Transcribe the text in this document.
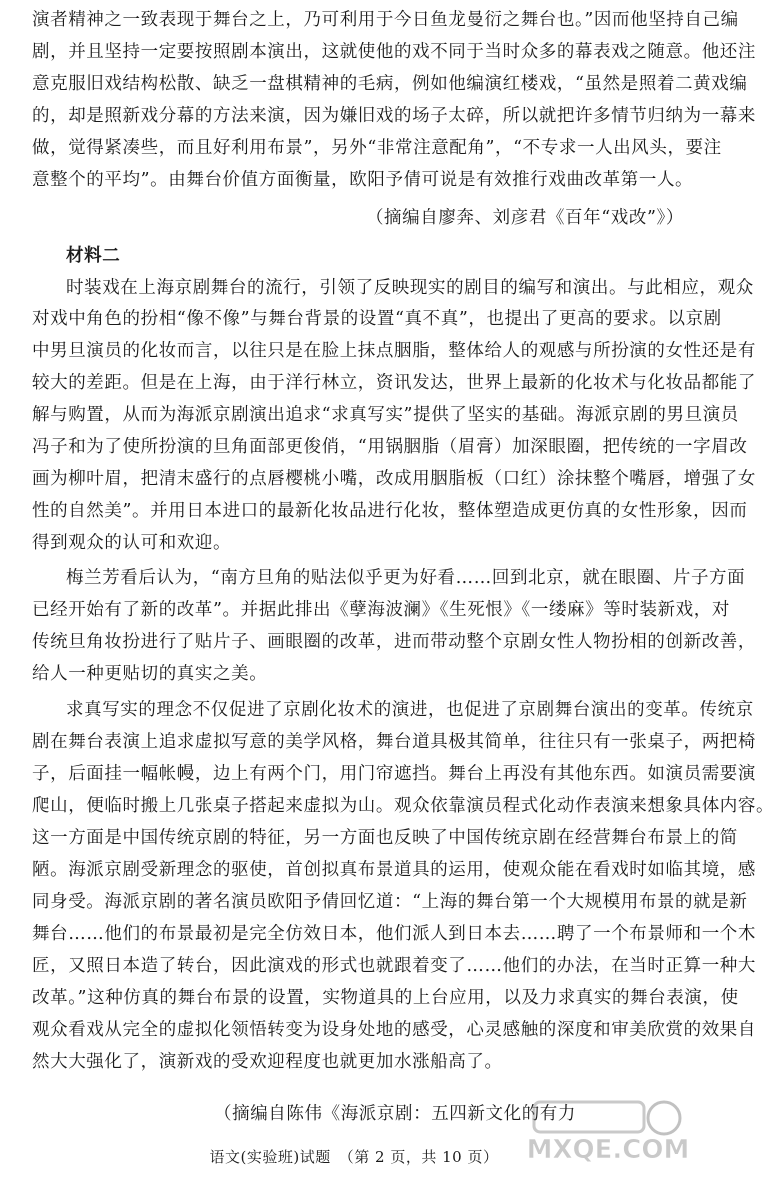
演者精神之一致表现于舞台之上，乃可利用于今日鱼龙曼衍之舞台也。”因而他坚持自己编
剧，并且坚持一定要按照剧本演出，这就使他的戏不同于当时众多的幕表戏之随意。他还注
意克服旧戏结构松散、缺乏一盘棋精神的毛病，例如他编演红楼戏，“虽然是照着二黄戏编
的，却是照新戏分幕的方法来演，因为嫌旧戏的场子太碎，所以就把许多情节归纳为一幕来
做，觉得紧凑些，而且好利用布景”，另外“非常注意配角”，“不专求一人出风头，要注
意整个的平均”。由舞台价值方面衡量，欧阳予倩可说是有效推行戏曲改革第一人。
（摘编自廖奔、刘彦君《百年“戏改”》）
材料二
时装戏在上海京剧舞台的流行，引领了反映现实的剧目的编写和演出。与此相应，观众
对戏中角色的扮相“像不像”与舞台背景的设置“真不真”，也提出了更高的要求。以京剧
中男旦演员的化妆而言，以往只是在脸上抹点胭脂，整体给人的观感与所扮演的女性还是有
较大的差距。但是在上海，由于洋行林立，资讯发达，世界上最新的化妆术与化妆品都能了
解与购置，从而为海派京剧演出追求“求真写实”提供了坚实的基础。海派京剧的男旦演员
冯子和为了使所扮演的旦角面部更俊俏，“用锅胭脂（眉膏）加深眼圈，把传统的一字眉改
画为柳叶眉，把清末盛行的点唇樱桃小嘴，改成用胭脂板（口红）涂抹整个嘴唇，增强了女
性的自然美”。并用日本进口的最新化妆品进行化妆，整体塑造成更仿真的女性形象，因而
得到观众的认可和欢迎。
梅兰芳看后认为，“南方旦角的贴法似乎更为好看……回到北京，就在眼圈、片子方面
已经开始有了新的改革”。并据此排出《孽海波澜》《生死恨》《一缕麻》等时装新戏，对
传统旦角妆扮进行了贴片子、画眼圈的改革，进而带动整个京剧女性人物扮相的创新改善，
给人一种更贴切的真实之美。
求真写实的理念不仅促进了京剧化妆术的演进，也促进了京剧舞台演出的变革。传统京
剧在舞台表演上追求虚拟写意的美学风格，舞台道具极其简单，往往只有一张桌子，两把椅
子，后面挂一幅帐幔，边上有两个门，用门帘遮挡。舞台上再没有其他东西。如演员需要演
爬山，便临时搬上几张桌子搭起来虚拟为山。观众依靠演员程式化动作表演来想象具体内容。
这一方面是中国传统京剧的特征，另一方面也反映了中国传统京剧在经营舞台布景上的简
陋。海派京剧受新理念的驱使，首创拟真布景道具的运用，使观众能在看戏时如临其境，感
同身受。海派京剧的著名演员欧阳予倩回忆道：“上海的舞台第一个大规模用布景的就是新
舞台……他们的布景最初是完全仿效日本，他们派人到日本去……聘了一个布景师和一个木
匠，又照日本造了转台，因此演戏的形式也就跟着变了……他们的办法，在当时正算一种大
改革。”这种仿真的舞台布景的设置，实物道具的上台应用，以及力求真实的舞台表演，使
观众看戏从完全的虚拟化领悟转变为设身处地的感受，心灵感触的深度和审美欣赏的效果自
然大大强化了，演新戏的受欢迎程度也就更加水涨船高了。
（摘编自陈伟《海派京剧：五四新文化的有力
语文(实验班)试题　（第 2 页，共 10 页）	MXQE.COM
